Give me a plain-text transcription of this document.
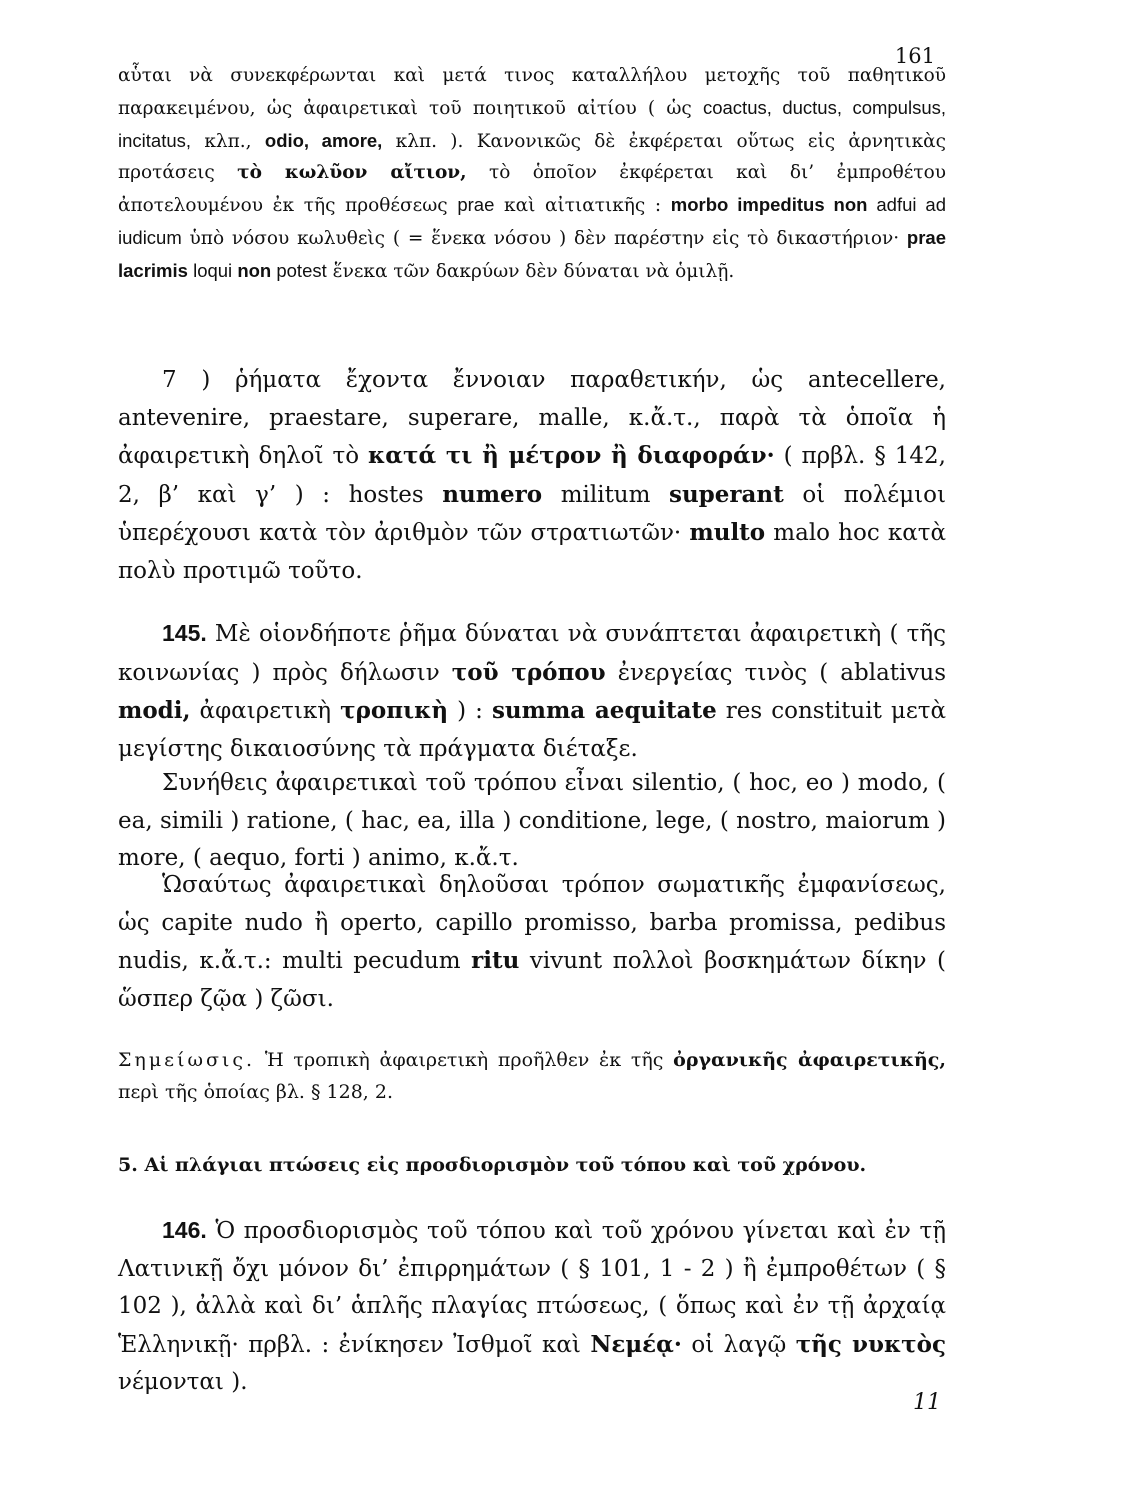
161

αὗται νὰ συνεκφέρωνται καὶ μετά τινος καταλλήλου μετοχῆς τοῦ παθητικοῦ παρακειμένου, ὡς ἀφαιρετικαὶ τοῦ ποιητικοῦ αἰτίου ( ὡς coactus, ductus, compulsus, incitatus, κλπ., odio, amore, κλπ. ). Κανονικῶς δὲ ἐκφέρεται οὕτως εἰς ἀρνητικὰς προτάσεις τὸ κωλῦον αἴτιον, τὸ ὁποῖον ἐκφέρεται καὶ δι’ ἐμπροθέτου ἀποτελουμένου ἐκ τῆς προθέσεως prae καὶ αἰτιατικῆς : morbo impeditus non adfui ad iudicum ὑπὸ νόσου κωλυθεὶς ( = ἕνεκα νόσου ) δὲν παρέστην εἰς τὸ δικαστήριον· prae lacrimis loqui non potest ἕνεκα τῶν δακρύων δὲν δύναται νὰ ὁμιλῇ.

7 ) ῥήματα ἔχοντα ἔννοιαν παραθετικήν, ὡς antecellere, antevenire, praestare, superare, malle, κ.ἄ.τ., παρὰ τὰ ὁποῖα ἡ ἀφαιρετικὴ δηλοῖ τὸ κατά τι ἢ μέτρον ἢ διαφοράν· ( πρβλ. § 142, 2, β’ καὶ γ’ ) : hostes numero militum superant οἱ πολέμιοι ὑπερέχουσι κατὰ τὸν ἀριθμὸν τῶν στρατιωτῶν· multo malo hoc κατὰ πολὺ προτιμῶ τοῦτο.

145. Μὲ οἱονδήποτε ῥῆμα δύναται νὰ συνάπτεται ἀφαιρετικὴ ( τῆς κοινωνίας ) πρὸς δήλωσιν τοῦ τρόπου ἐνεργείας τινὸς ( ablativus modi, ἀφαιρετικὴ τροπικὴ ) : summa aequitate res constituit μετὰ μεγίστης δικαιοσύνης τὰ πράγματα διέταξε.

Συνήθεις ἀφαιρετικαὶ τοῦ τρόπου εἶναι silentio, ( hoc, eo ) modo, ( ea, simili ) ratione, ( hac, ea, illa ) conditione, lege, ( nostro, maiorum ) more, ( aequo, forti ) animo, κ.ἄ.τ.

Ὡσαύτως ἀφαιρετικαὶ δηλοῦσαι τρόπον σωματικῆς ἐμφανίσεως, ὡς capite nudo ἢ operto, capillo promisso, barba promissa, pedibus nudis, κ.ἄ.τ.: multi pecudum ritu vivunt πολλοὶ βοσκημάτων δίκην ( ὥσπερ ζῷα ) ζῶσι.

Σημείωσις. Ἡ τροπικὴ ἀφαιρετικὴ προῆλθεν ἐκ τῆς ὀργανικῆς ἀφαιρετικῆς, περὶ τῆς ὁποίας βλ. § 128, 2.

5. Αἱ πλάγιαι πτώσεις εἰς προσδιορισμὸν τοῦ τόπου καὶ τοῦ χρόνου.

146. Ὁ προσδιορισμὸς τοῦ τόπου καὶ τοῦ χρόνου γίνεται καὶ ἐν τῇ Λατινικῇ ὄχι μόνον δι’ ἐπιρρημάτων ( § 101, 1 - 2 ) ἢ ἐμπροθέτων ( § 102 ), ἀλλὰ καὶ δι’ ἁπλῆς πλαγίας πτώσεως, ( ὅπως καὶ ἐν τῇ ἀρχαίᾳ Ἑλληνικῇ· πρβλ. : ἐνίκησεν Ἰσθμοῖ καὶ Νεμέᾳ· οἱ λαγῷ τῆς νυκτὸς νέμονται ).

11
